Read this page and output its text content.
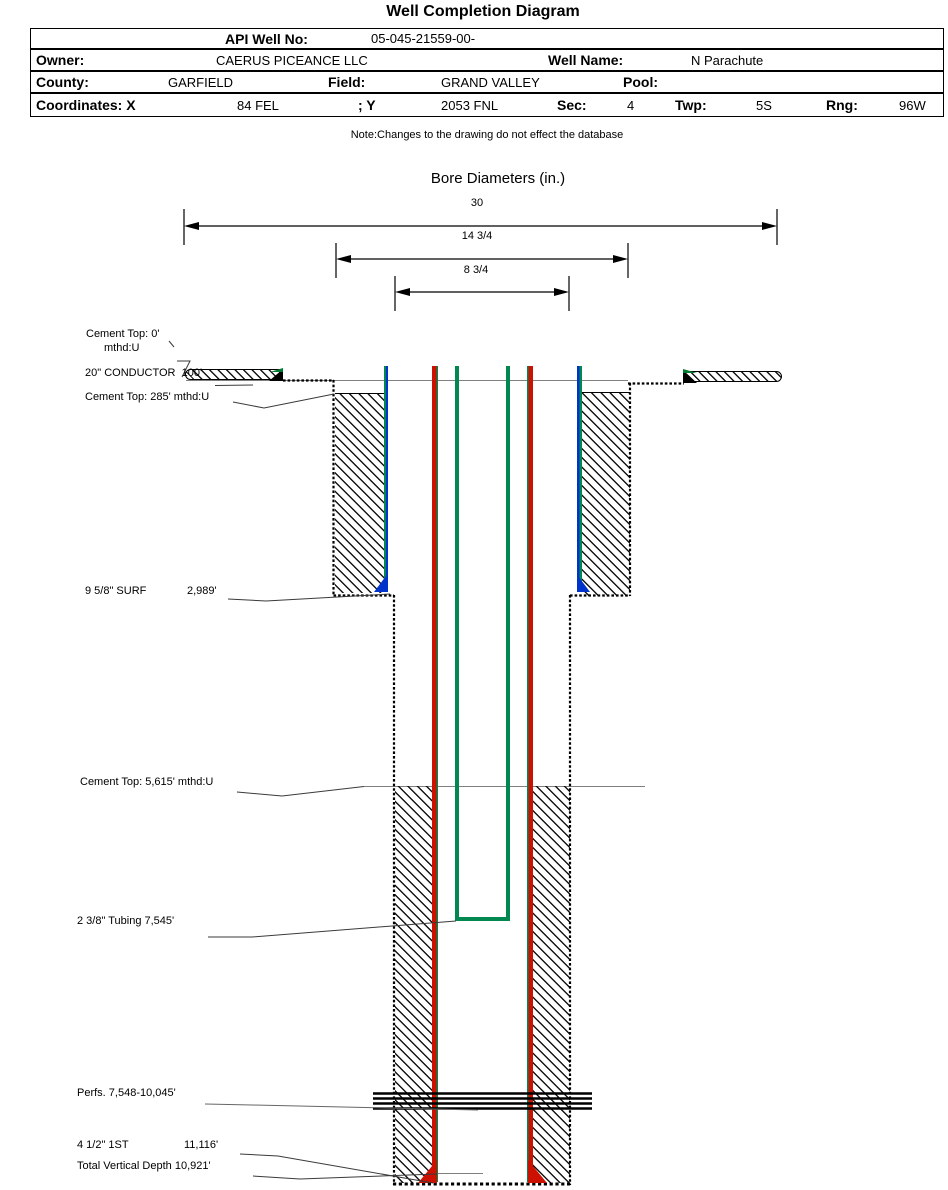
Well Completion Diagram
API Well No:	05-045-21559-00-
Owner:	CAERUS PICEANCE LLC	Well Name:	N Parachute
County:	GARFIELD	Field:	GRAND VALLEY	Pool:
Coordinates: X	84 FEL	; Y	2053 FNL	Sec:	4	Twp:	5S	Rng:	96W
Note:Changes to the drawing do not effect the database
Bore Diameters (in.)
30
14 3/4
8 3/4
Cement Top: 0'
mthd:U
20" CONDUCTOR  100'
Cement Top: 285' mthd:U
9 5/8" SURF	2,989'
Cement Top: 5,615' mthd:U
2 3/8" Tubing 7,545'
Perfs. 7,548-10,045'
4 1/2" 1ST	11,116'
Total Vertical Depth 10,921'
